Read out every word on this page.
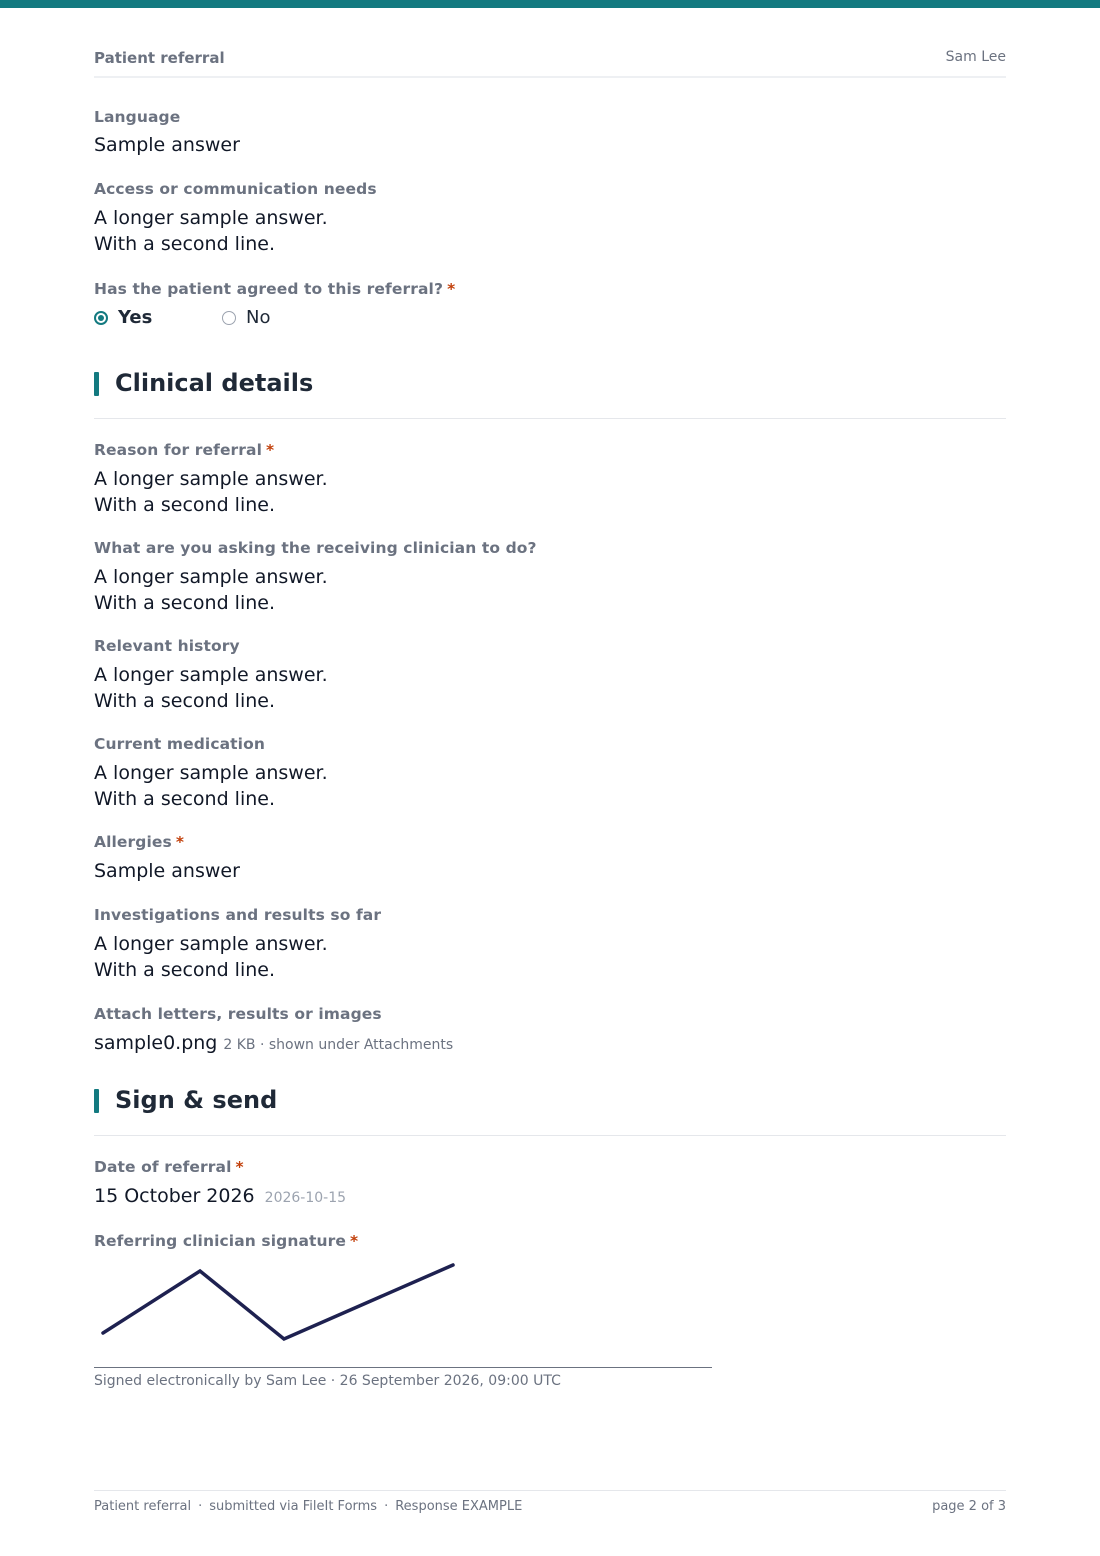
Patient referral	Sam Lee
Language
Sample answer
Access or communication needs
A longer sample answer.
With a second line.
Has the patient agreed to this referral? *
Yes	No
Clinical details
Reason for referral *
A longer sample answer.
With a second line.
What are you asking the receiving clinician to do?
A longer sample answer.
With a second line.
Relevant history
A longer sample answer.
With a second line.
Current medication
A longer sample answer.
With a second line.
Allergies *
Sample answer
Investigations and results so far
A longer sample answer.
With a second line.
Attach letters, results or images
sample0.png 2 KB · shown under Attachments
Sign & send
Date of referral *
15 October 2026 2026-10-15
Referring clinician signature *
Signed electronically by Sam Lee · 26 September 2026, 09:00 UTC
Patient referral · submitted via FileIt Forms · Response EXAMPLE	page 2 of 3
